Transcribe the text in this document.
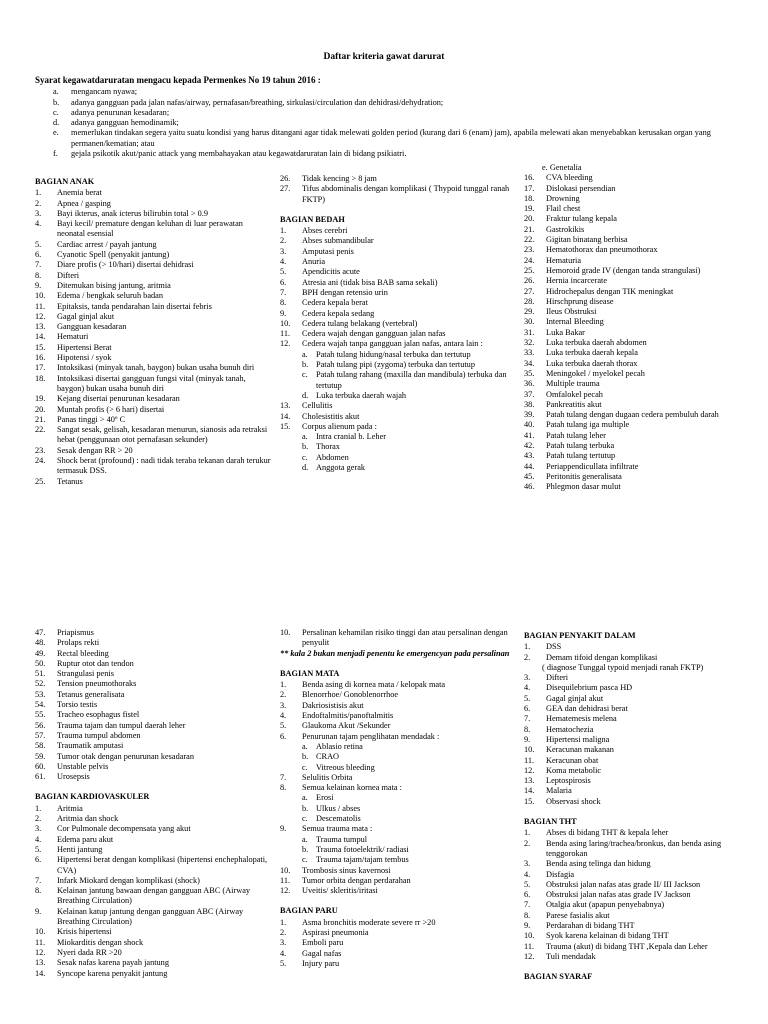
Daftar kriteria gawat darurat
Syarat kegawatdaruratan mengacu kepada Permenkes No 19 tahun 2016 :
a.	mengancam nyawa;
b.	adanya gangguan pada jalan nafas/airway, pernafasan/breathing, sirkulasi/circulation dan dehidrasi/dehydration;
c.	adanya penurunan kesadaran;
d.	adanya gangguan hemodinamik;
e.	memerlukan tindakan segera yaitu suatu kondisi yang harus ditangani agar tidak melewati golden period (kurang dari 6 (enam) jam), apabila melewati akan menyebabkan kerusakan organ yang permanen/kematian; atau
f.	gejala psikotik akut/panic attack yang membahayakan atau kegawatdaruratan lain di bidang psikiatri.
BAGIAN ANAK
1.	Anemia berat
2.	Apnea / gasping
3.	Bayi ikterus, anak icterus bilirubin total > 0.9
4.	Bayi kecil/ premature dengan keluhan di luar perawatan neonatal esensial
5.	Cardiac arrest / payah jantung
6.	Cyanotic Spell (penyakit jantung)
7.	Diare profis (> 10/hari) disertai dehidrasi
8.	Difteri
9.	Ditemukan bising jantung, aritmia
10.	Edema / bengkak seluruh badan
11.	Epitaksis, tanda pendarahan lain disertai febris
12.	Gagal ginjal akut
13.	Gangguan kesadaran
14.	Hematuri
15.	Hipertensi Berat
16.	Hipotensi / syok
17.	Intoksikasi (minyak tanah, baygon) bukan usaha bunuh diri
18.	Intoksikasi disertai gangguan fungsi vital (minyak tanah, baygon) bukan usaha bunuh diri
19.	Kejang disertai penurunan kesadaran
20.	Muntah profis (> 6 hari) disertai
21.	Panas tinggi > 40º C
22.	Sangat sesak, gelisah, kesadaran menurun, sianosis ada retraksi hebat (penggunaan otot pernafasan sekunder)
23.	Sesak dengan RR > 20
24.	Shock berat (profound) : nadi tidak teraba tekanan darah terukur termasuk DSS.
25.	Tetanus
26.	Tidak kencing > 8 jam
27.	Tifus abdominalis dengan komplikasi ( Thypoid tunggal ranah FKTP)
BAGIAN BEDAH
1.	Abses cerebri
2.	Abses submandibular
3.	Amputasi penis
4.	Anuria
5.	Apendicitis acute
6.	Atresia ani (tidak bisa BAB sama sekali)
7.	BPH dengan retensio urin
8.	Cedera kepala berat
9.	Cedera kepala sedang
10.	Cedera tulang belakang (vertebral)
11.	Cedera wajah dengan gangguan jalan nafas
12.	Cedera wajah tanpa gangguan jalan nafas, antara lain :
a. Patah tulang hidung/nasal terbuka dan tertutup
b. Patah tulang pipi (zygoma) terbuka dan tertutup
c. Patah tulang rahang (maxilla dan mandibula) terbuka dan tertutup
d. Luka terbuka daerah wajah
13.	Cellulitis
14.	Cholesistitis akut
15.	Corpus alienum pada :
a. Intra cranial b. Leher
b. Thorax
c. Abdomen
d. Anggota gerak
e. Genetalia
16.	CVA bleeding
17.	Dislokasi persendian
18.	Drowning
19.	Flail chest
20.	Fraktur tulang kepala
21.	Gastrokikis
22.	Gigitan binatang berbisa
23.	Hematothorax dan pneumothorax
24.	Hematuria
25.	Hemoroid grade IV (dengan tanda strangulasi)
26.	Hernia incarcerate
27.	Hidrochepalus dengan TIK meningkat
28.	Hirschprung disease
29.	Ileus Obstruksi
30.	Internal Bleeding
31.	Luka Bakar
32.	Luka terbuka daerah abdomen
33.	Luka terbuka daerah kepala
34.	Luka terbuka daerah thorax
35.	Meningokel / myelokel pecah
36.	Multiple trauma
37.	Omfalokel pecah
38.	Pankreatitis akut
39.	Patah tulang dengan dugaan cedera pembuluh darah
40.	Patah tulang iga multiple
41.	Patah tulang leher
42.	Patah tulang terbuka
43.	Patah tulang tertutup
44.	Periappendicullata infiltrate
45.	Peritonitis generalisata
46.	Phlegmon dasar mulut
47.	Priapismus
48.	Prolaps rekti
49.	Rectal bleeding
50.	Ruptur otot dan tendon
51.	Strangulasi penis
52.	Tension pneumothoraks
53.	Tetanus generalisata
54.	Torsio testis
55.	Tracheo esophagus fistel
56.	Trauma tajam dan tumpul daerah leher
57.	Trauma tumpul abdomen
58.	Traumatik amputasi
59.	Tumor otak dengan penurunan kesadaran
60.	Unstable pelvis
61.	Urosepsis
BAGIAN KARDIOVASKULER
1.	Aritmia
2.	Aritmia dan shock
3.	Cor Pulmonale decompensata yang akut
4.	Edema paru akut
5.	Henti jantung
6.	Hipertensi berat dengan komplikasi (hipertensi enchephalopati, CVA)
7.	Infark Miokard dengan komplikasi (shock)
8.	Kelainan jantung bawaan dengan gangguan ABC (Airway Breathing Circulation)
9.	Kelainan katup jantung dengan gangguan ABC (Airway Breathing Circulation)
10.	Krisis hipertensi
11.	Miokarditis dengan shock
12.	Nyeri dada RR >20
13.	Sesak nafas karena payah jantung
14.	Syncope karena penyakit jantung
10.	Persalinan kehamilan risiko tinggi dan atau persalinan dengan penyulit
** kala 2 bukan menjadi penentu ke emergencyan pada persalinan
BAGIAN MATA
1.	Benda asing di kornea mata / kelopak mata
2.	Blenorrhoe/ Gonoblenorrhoe
3.	Dakriosistisis akut
4.	Endoftalmitis/panoftalmitis
5.	Glaukoma Akut /Sekunder
6.	Penurunan tajam penglihatan mendadak :
a. Ablasio retina
b. CRAO
c. Vitreous bleeding
7.	Selulitis Orbita
8.	Semua kelainan kornea mata :
a. Erosi
b. Ulkus / abses
c. Descematolis
9.	Semua trauma mata :
a. Trauma tumpul
b. Trauma fotoelektrik/ radiasi
c. Trauma tajam/tajam tembus
10.	Trombosis sinus kavernosi
11.	Tumor orbita dengan perdarahan
12.	Uveitis/ skleritis/iritasi
BAGIAN PARU
1.	Asma bronchitis moderate severe rr >20
2.	Aspirasi pneumonia
3.	Emboli paru
4.	Gagal nafas
5.	Injury paru
BAGIAN PENYAKIT DALAM
1.	DSS
2.	Demam tifoid dengan komplikasi
( diagnose Tunggal typoid menjadi ranah FKTP)
3.	Difteri
4.	Disequilebrium pasca HD
5.	Gagal ginjal akut
6.	GEA dan dehidrasi berat
7.	Hematemesis melena
8.	Hematochezia
9.	Hipertensi maligna
10.	Keracunan makanan
11.	Keracunan obat
12.	Koma metabolic
13.	Leptospirosis
14.	Malaria
15.	Observasi shock
BAGIAN THT
1.	Abses di bidang THT & kepala leher
2.	Benda asing laring/trachea/bronkus, dan benda asing tenggorokan
3.	Benda asing telinga dan hidung
4.	Disfagia
5.	Obstruksi jalan nafas atas grade II/ III Jackson
6.	Obstruksi jalan nafas atas grade IV Jackson
7.	Otalgia akut (apapun penyebabnya)
8.	Parese fasialis akut
9.	Perdarahan di bidang THT
10.	Syok karena kelainan di bidang THT
11.	Trauma (akut) di bidang THT ,Kepala dan Leher
12.	Tuli mendadak
BAGIAN SYARAF
